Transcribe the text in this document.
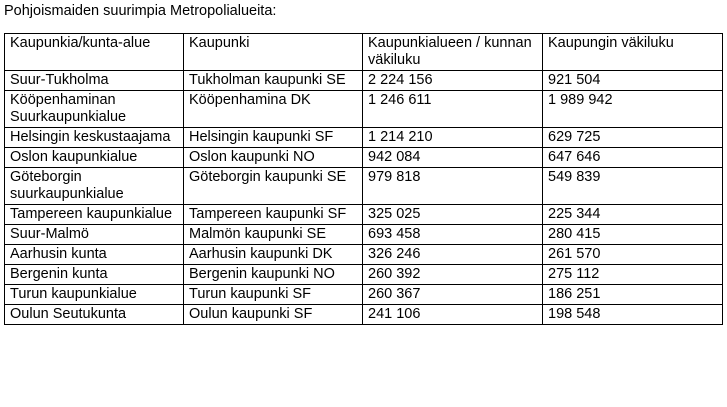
Pohjoismaiden suurimpia Metropolialueita:
Kaupunkia/kunta-alue	Kaupunki	Kaupunkialueen / kunnan väkiluku	Kaupungin väkiluku
Suur-Tukholma	Tukholman kaupunki SE	2 224 156	921 504
Kööpenhaminan Suurkaupunkialue	Kööpenhamina DK	1 246 611	1 989 942
Helsingin keskustaajama	Helsingin kaupunki SF	1 214 210	629 725
Oslon kaupunkialue	Oslon kaupunki NO	942 084	647 646
Göteborgin suurkaupunkialue	Göteborgin kaupunki SE	979 818	549 839
Tampereen kaupunkialue	Tampereen kaupunki SF	325 025	225 344
Suur-Malmö	Malmön kaupunki SE	693 458	280 415
Aarhusin kunta	Aarhusin kaupunki DK	326 246	261 570
Bergenin kunta	Bergenin kaupunki NO	260 392	275 112
Turun kaupunkialue	Turun kaupunki SF	260 367	186 251
Oulun Seutukunta	Oulun kaupunki SF	241 106	198 548
